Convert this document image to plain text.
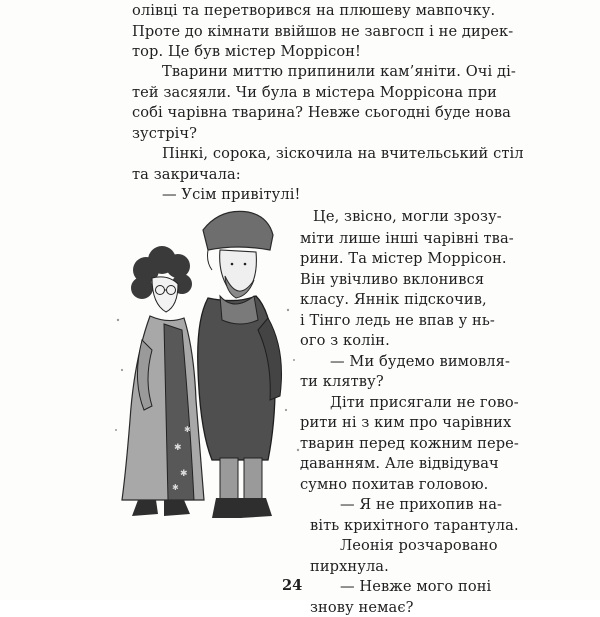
олівці та перетворився на плюшеву мавпочку.
Проте до кімнати ввійшов не завгосп і не дирек-
тор. Це був містер Моррісон!
Тварини миттю припинили кам’яніти. Очі ді-
тей засяяли. Чи була в містера Моррісона при
собі чарівна тварина? Невже сьогодні буде нова
зустріч?
Пінкі, сорока, зіскочила на вчительський стіл
та закричала:
— Усім привітулі!
Це, звісно, могли зрозу-
міти лише інші чарівні тва-
рини. Та містер Моррісон.
Він увічливо вклонився
класу. Яннік підскочив,
і Тінго ледь не впав у нь-
ого з колін.
— Ми будемо вимовля-
ти клятву?
Діти присягали не гово-
рити ні з ким про чарівних
тварин перед кожним пере-
даванням. Але відвідувач
сумно похитав головою.
— Я не прихопив на-
віть крихітного тарантула.
Леонія розчаровано
пирхнула.
— Невже мого поні
знову немає?
✱
✱
✱
✱
24
